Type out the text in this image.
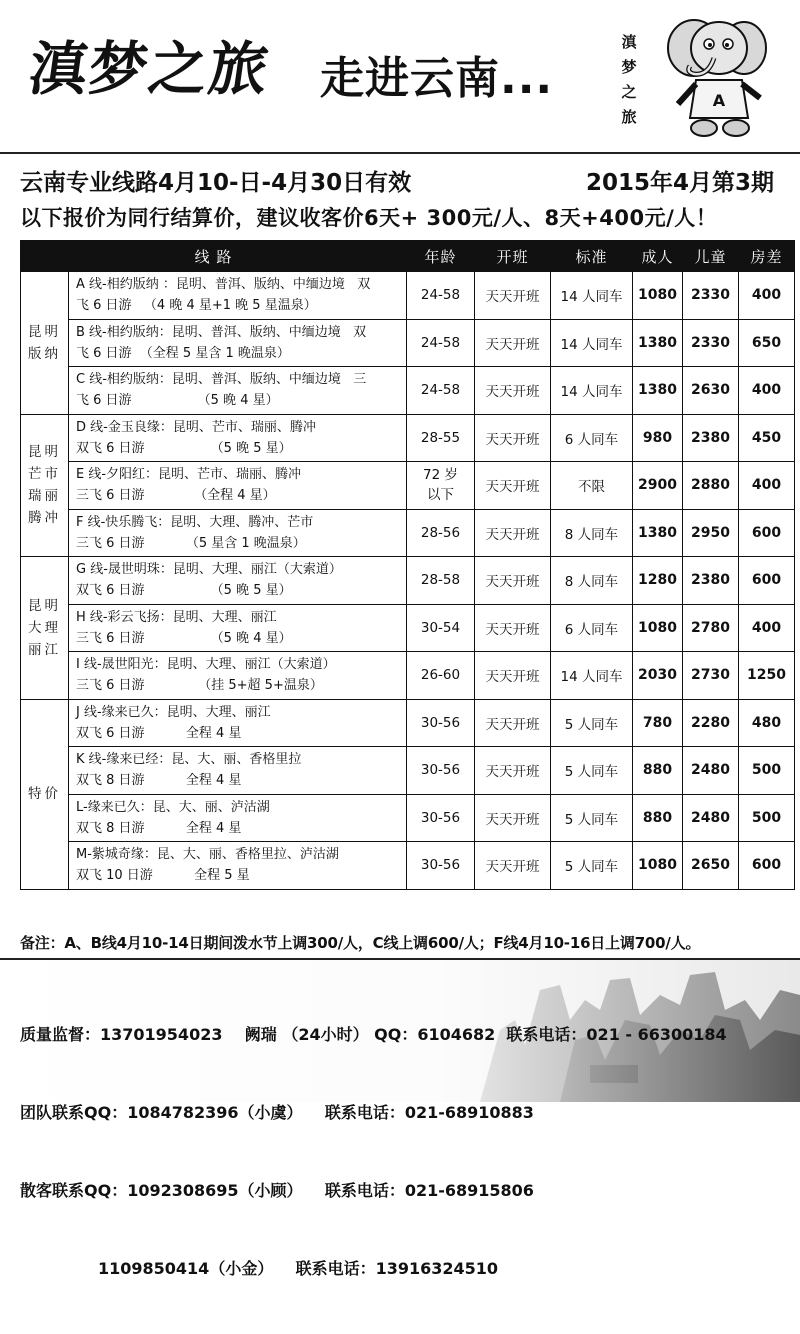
滇梦之旅 走进云南...
滇
梦
之
旅
A
云南专业线路4月10-日-4月30日有效	2015年4月第3期
以下报价为同行结算价，建议收客价6天+ 300元/人、8天+400元/人！
线 路		年龄	开班	标准	成人	儿童	房差
昆明
版纳	A 线-相约版纳 ：昆明、普洱、版纳、中缅边境   双
飞 6 日游   （4 晚 4 星+1 晚 5 星温泉）	24-58	天天开班	14 人同车	1080	2330	400
	B 线-相约版纳：昆明、普洱、版纳、中缅边境   双
飞 6 日游  （全程 5 星含 1 晚温泉）	24-58	天天开班	14 人同车	1380	2330	650
	C 线-相约版纳：昆明、普洱、版纳、中缅边境   三
飞 6 日游                （5 晚 4 星）	24-58	天天开班	14 人同车	1380	2630	400
昆明
芒市
瑞丽
腾冲	D 线-金玉良缘：昆明、芒市、瑞丽、腾冲
双飞 6 日游                （5 晚 5 星）	28-55	天天开班	6 人同车	980	2380	450
	E 线-夕阳红：昆明、芒市、瑞丽、腾冲
三飞 6 日游            （全程 4 星）	72 岁
以下	天天开班	不限	2900	2880	400
	F 线-快乐腾飞：昆明、大理、腾冲、芒市
三飞 6 日游          （5 星含 1 晚温泉）	28-56	天天开班	8 人同车	1380	2950	600
昆明
大理
丽江	G 线-晟世明珠：昆明、大理、丽江（大索道）
双飞 6 日游                （5 晚 5 星）	28-58	天天开班	8 人同车	1280	2380	600
	H 线-彩云飞扬：昆明、大理、丽江
三飞 6 日游                （5 晚 4 星）	30-54	天天开班	6 人同车	1080	2780	400
	I 线-晟世阳光：昆明、大理、丽江（大索道）
三飞 6 日游             （挂 5+超 5+温泉）	26-60	天天开班	14 人同车	2030	2730	1250
特价	J 线-缘来已久：昆明、大理、丽江
双飞 6 日游          全程 4 星	30-56	天天开班	5 人同车	780	2280	480
	K 线-缘来已经：昆、大、丽、香格里拉
双飞 8 日游          全程 4 星	30-56	天天开班	5 人同车	880	2480	500
	L-缘来已久：昆、大、丽、泸沽湖
双飞 8 日游          全程 4 星	30-56	天天开班	5 人同车	880	2480	500
	M-紫城奇缘：昆、大、丽、香格里拉、泸沽湖
双飞 10 日游          全程 5 星	30-56	天天开班	5 人同车	1080	2650	600
备注：A、B线4月10-14日期间泼水节上调300/人，C线上调600/人；F线4月10-16日上调700/人。

质量监督：13701954023    阙瑞 （24小时） QQ：6104682  联系电话：021 - 66300184

团队联系QQ：1084782396（小虞）    联系电话：021-68910883

散客联系QQ：1092308695（小顾）    联系电话：021-68915806

1109850414（小金）    联系电话：13916324510
